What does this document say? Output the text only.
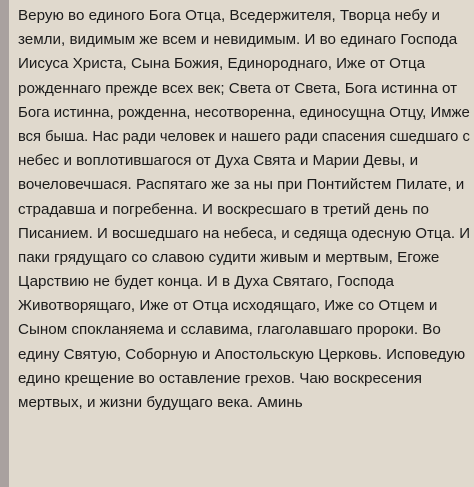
Верую во единого Бога Отца, Вседержителя, Творца небу и
земли, видимым же всем и невидимым. И во единаго Господа
Иисуса Христа, Сына Божия, Единороднаго, Иже от Отца
рожденнаго прежде всех век; Света от Света, Бога истинна от
Бога истинна, рожденна, несотворенна, единосущна Отцу, Имже
вся быша. Нас ради человек и нашего ради спасения сшедшаго с
небес и воплотившагося от Духа Свята и Марии Девы, и
вочеловечшася. Распятаго же за ны при Понтийстем Пилате, и
страдавша и погребенна. И воскресшаго в третий день по
Писанием. И восшедшаго на небеса, и седяща одесную Отца. И
паки грядущаго со славою судити живым и мертвым, Егоже
Царствию не будет конца. И в Духа Святаго, Господа
Животворящаго, Иже от Отца исходящаго, Иже со Отцем и
Сыном спокланяема и сславима, глаголавшаго пророки. Во
едину Святую, Соборную и Апостольскую Церковь. Исповедую
едино крещение во оставление грехов. Чаю воскресения
мертвых, и жизни будущаго века. Аминь
